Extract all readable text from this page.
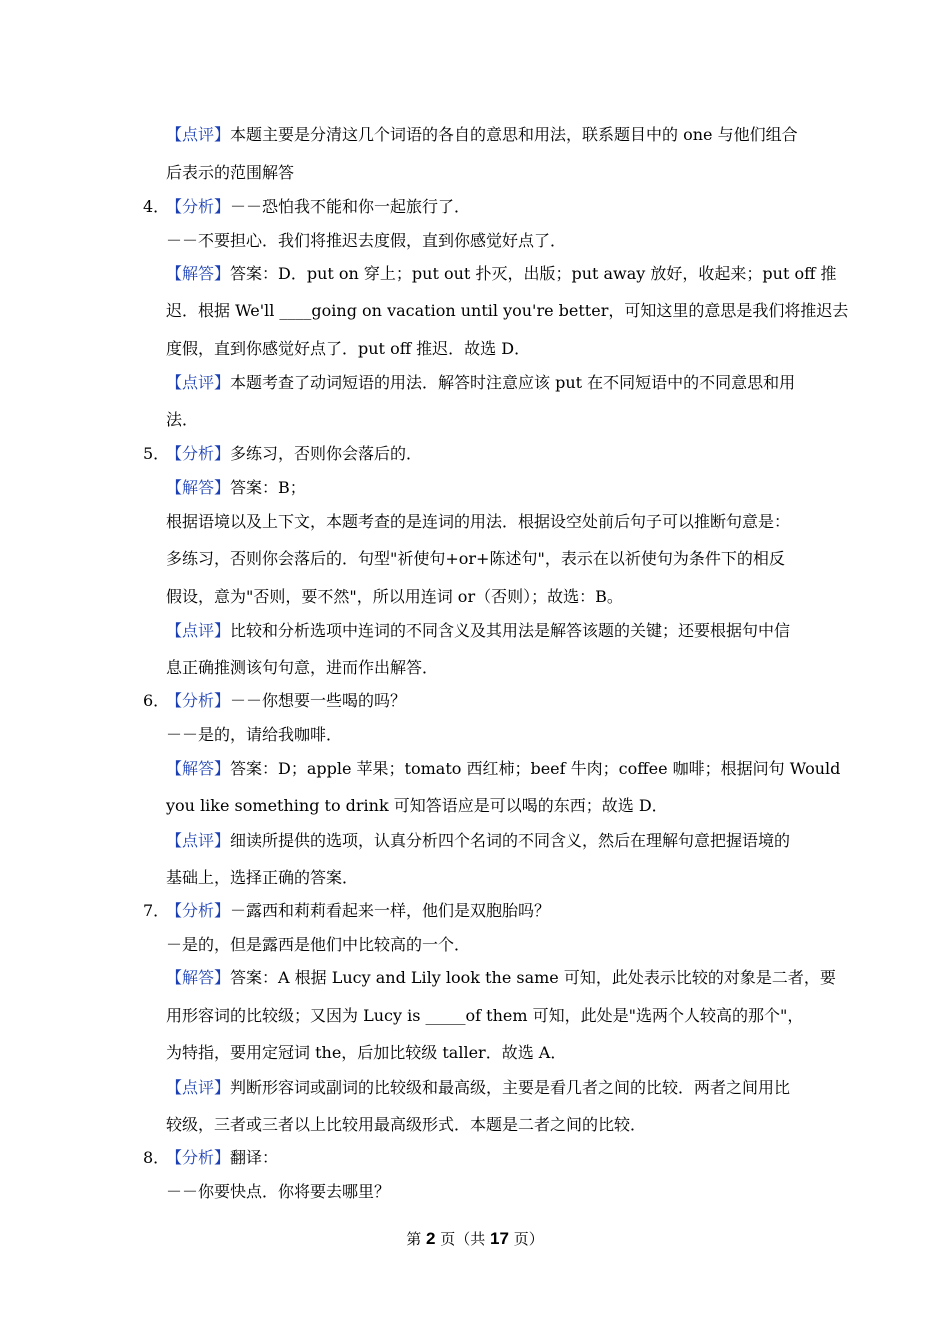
【点评】本题主要是分清这几个词语的各自的意思和用法，联系题目中的 one 与他们组合
后表示的范围解答
4．
【分析】－－恐怕我不能和你一起旅行了．
－－不要担心．我们将推迟去度假，直到你感觉好点了．
【解答】答案：D．put on 穿上；put out 扑灭，出版；put away 放好，收起来；put off 推
迟．根据 We'll ____going on vacation until you're better，可知这里的意思是我们将推迟去
度假，直到你感觉好点了．put off 推迟．故选 D．
【点评】本题考查了动词短语的用法．解答时注意应该 put 在不同短语中的不同意思和用
法．
5．
【分析】多练习，否则你会落后的．
【解答】答案：B；
根据语境以及上下文，本题考查的是连词的用法．根据设空处前后句子可以推断句意是：
多练习，否则你会落后的．句型"祈使句+or+陈述句"，表示在以祈使句为条件下的相反
假设，意为"否则，要不然"，所以用连词 or（否则）；故选：B。
【点评】比较和分析选项中连词的不同含义及其用法是解答该题的关键；还要根据句中信
息正确推测该句句意，进而作出解答．
6．
【分析】－－你想要一些喝的吗？
－－是的，请给我咖啡．
【解答】答案：D；apple 苹果；tomato 西红柿；beef 牛肉；coffee 咖啡；根据问句 Would
you like something to drink 可知答语应是可以喝的东西；故选 D．
【点评】细读所提供的选项，认真分析四个名词的不同含义，然后在理解句意把握语境的
基础上，选择正确的答案．
7．
【分析】－露西和莉莉看起来一样，他们是双胞胎吗？
－是的，但是露西是他们中比较高的一个．
【解答】答案：A 根据 Lucy and Lily look the same 可知，此处表示比较的对象是二者，要
用形容词的比较级；又因为 Lucy is _____of them 可知，此处是"选两个人较高的那个"，
为特指，要用定冠词 the，后加比较级 taller．故选 A．
【点评】判断形容词或副词的比较级和最高级，主要是看几者之间的比较．两者之间用比
较级，三者或三者以上比较用最高级形式．本题是二者之间的比较．
8．
【分析】翻译：
－－你要快点．你将要去哪里？
第 2 页（共 17 页）
